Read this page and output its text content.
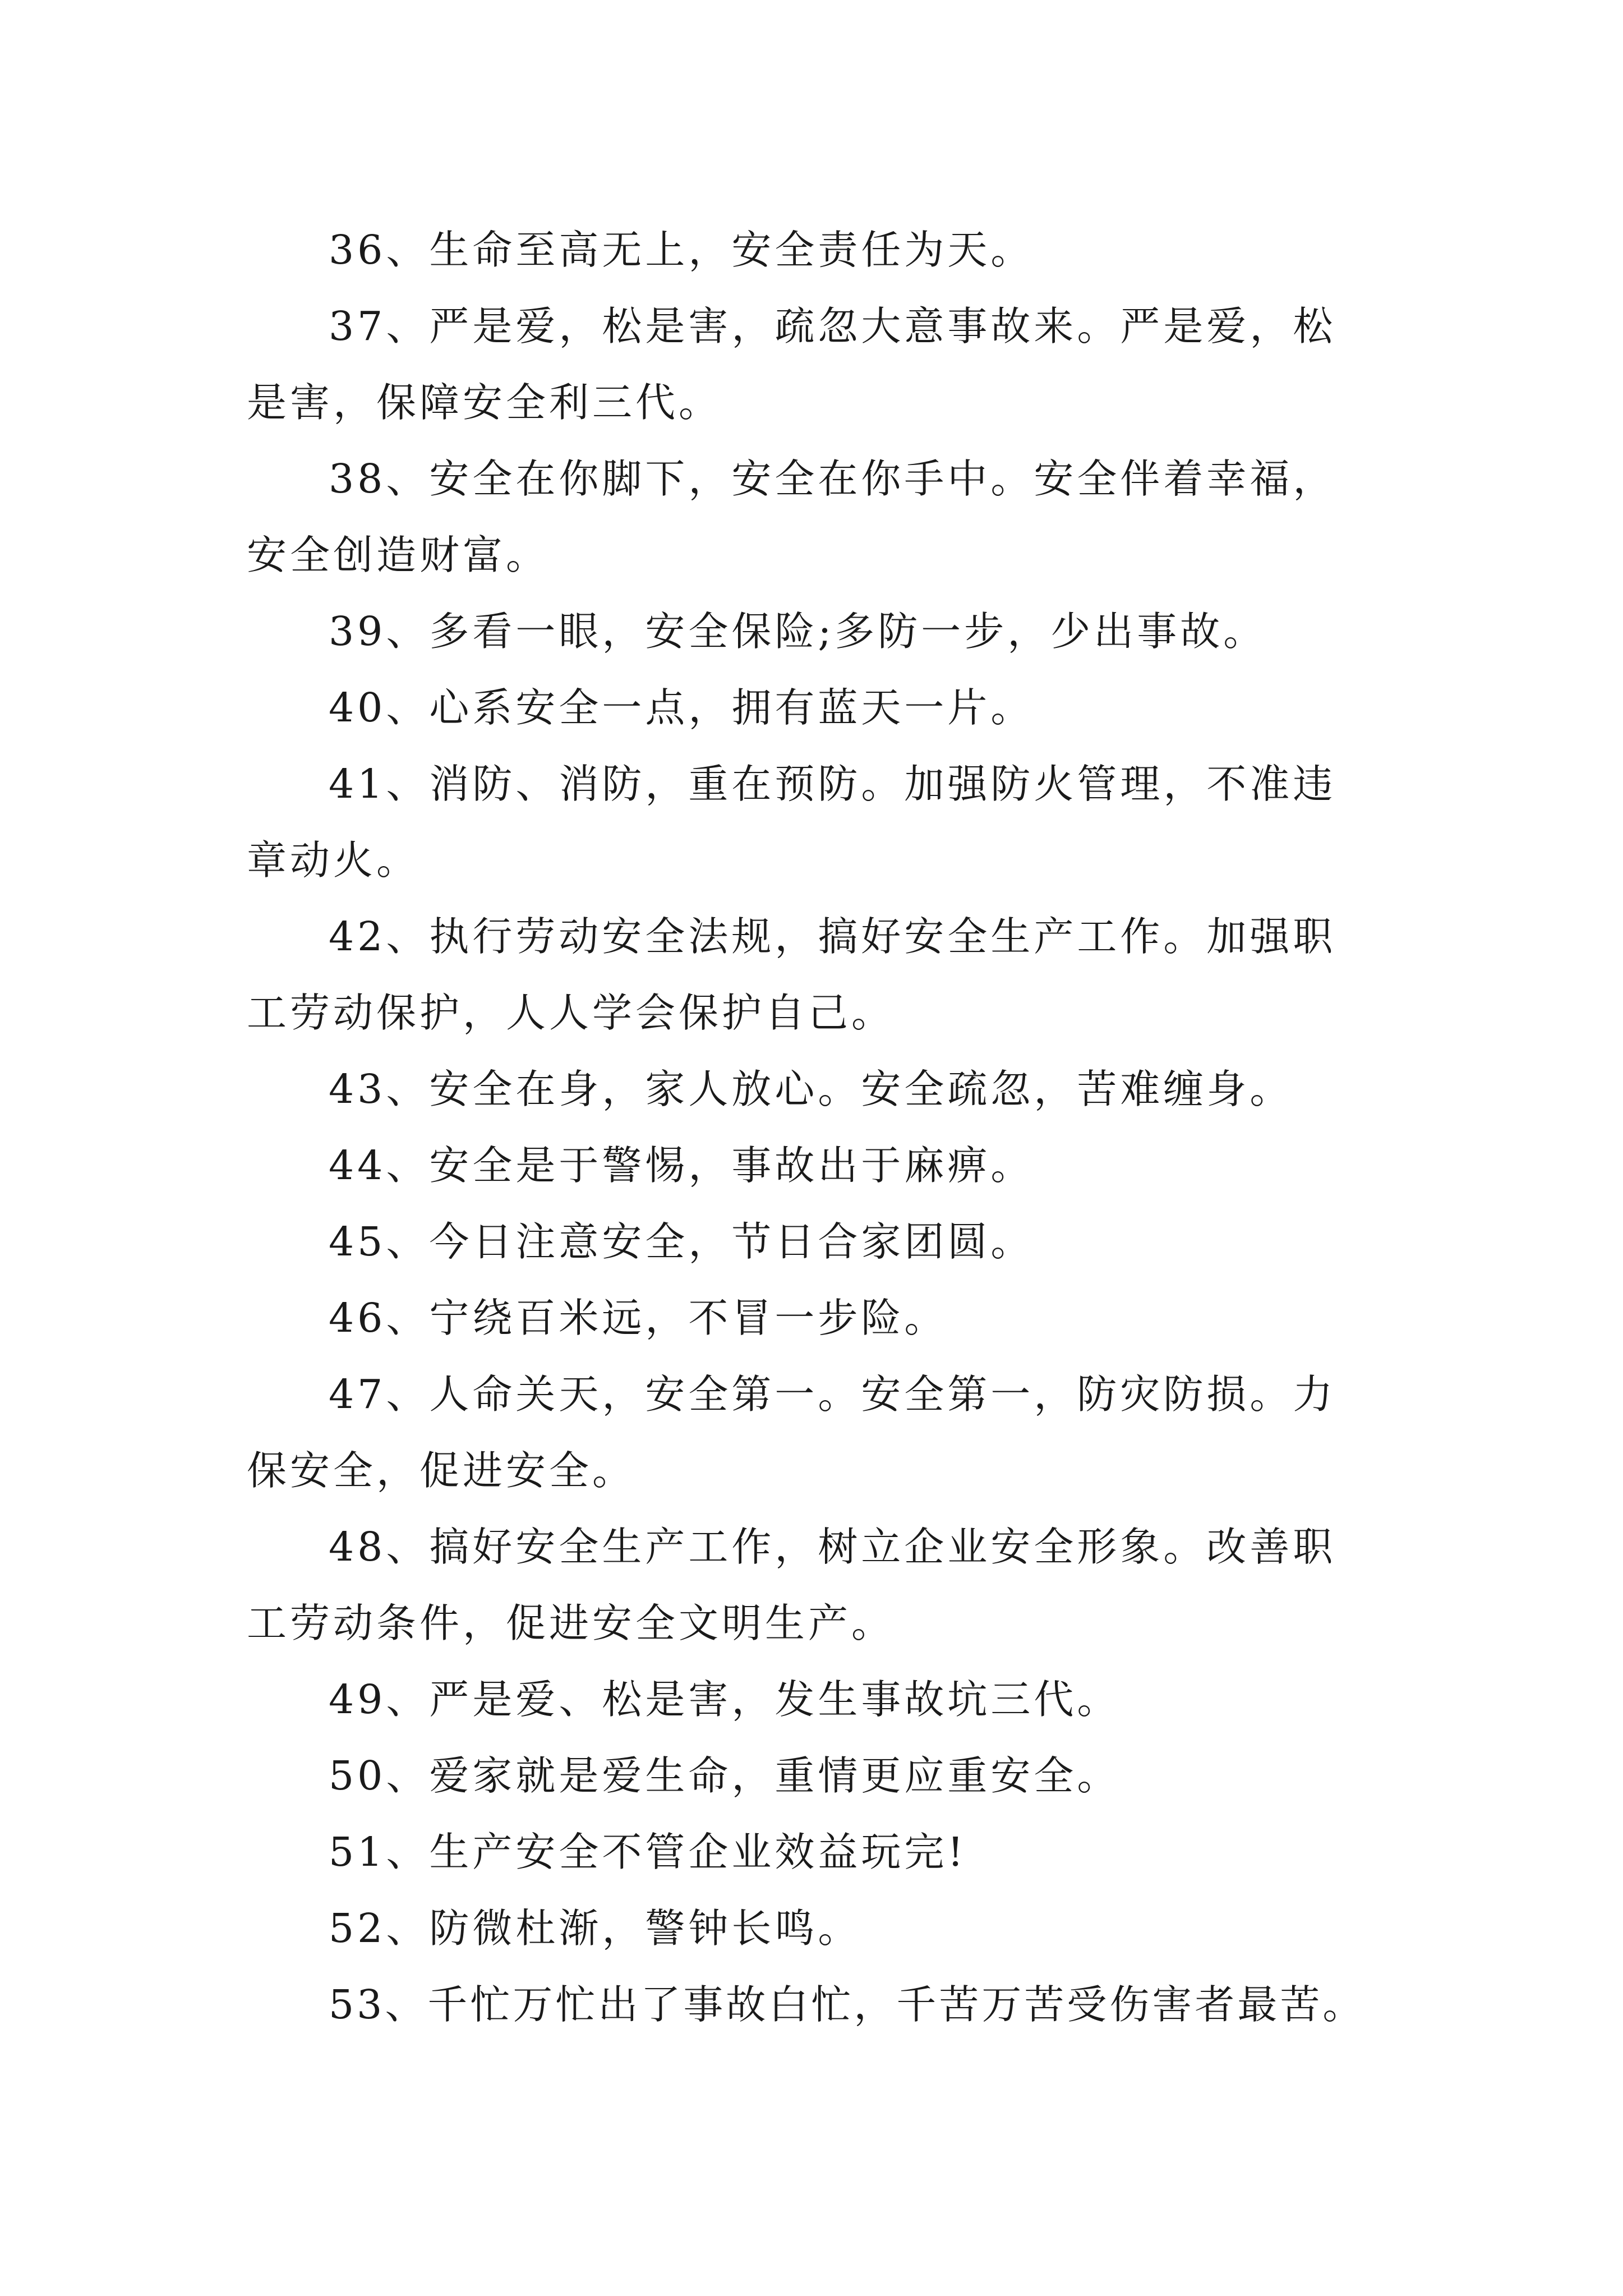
36、生命至高无上，安全责任为天。

37、严是爱，松是害，疏忽大意事故来。严是爱，松是害，保障安全利三代。

38、安全在你脚下，安全在你手中。安全伴着幸福，安全创造财富。

39、多看一眼，安全保险;多防一步，少出事故。

40、心系安全一点，拥有蓝天一片。

41、消防、消防，重在预防。加强防火管理，不准违章动火。

42、执行劳动安全法规，搞好安全生产工作。加强职工劳动保护，人人学会保护自己。

43、安全在身，家人放心。安全疏忽，苦难缠身。

44、安全是于警惕，事故出于麻痹。

45、今日注意安全，节日合家团圆。

46、宁绕百米远，不冒一步险。

47、人命关天，安全第一。安全第一，防灾防损。力保安全，促进安全。

48、搞好安全生产工作，树立企业安全形象。改善职工劳动条件，促进安全文明生产。

49、严是爱、松是害，发生事故坑三代。

50、爱家就是爱生命，重情更应重安全。

51、生产安全不管企业效益玩完!

52、防微杜渐，警钟长鸣。

53、千忙万忙出了事故白忙，千苦万苦受伤害者最苦。
